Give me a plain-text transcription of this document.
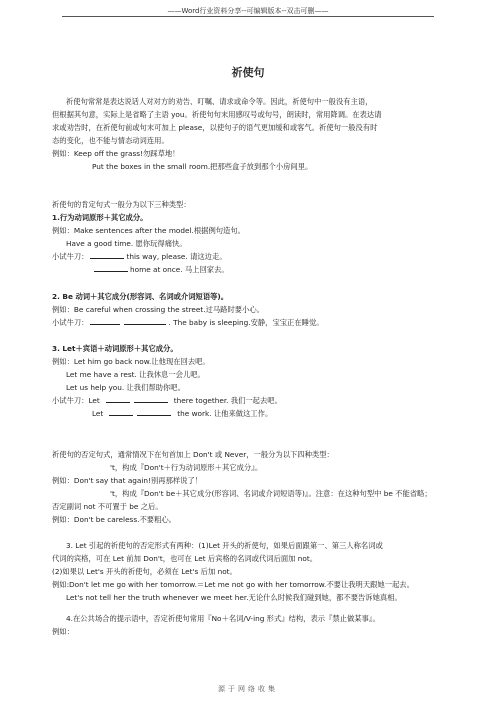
——Word行业资料分享--可编辑版本--双击可删——
祈使句
祈使句常常是表达说话人对对方的劝告、叮嘱、请求或命令等。因此，祈使句中一般没有主语，
但根据其句意，实际上是省略了主语 you。祈使句句末用感叹号或句号，朗读时，常用降调。在表达请
求或劝告时，在祈使句前或句末可加上 please，以使句子的语气更加缓和或客气。祈使句一般没有时
态的变化，也不能与情态动词连用。
例如：Keep off the grass!勿踩草地！
Put the boxes in the small room.把那些盒子放到那个小房间里。
祈使句的肯定句式一般分为以下三种类型：
1.行为动词原形＋其它成分。
例如：Make sentences after the model.根据例句造句。
Have a good time. 愿你玩得痛快。
小试牛刀：	this way, please. 请这边走。
home at once. 马上回家去。
2. Be 动词＋其它成分(形容词、名词或介词短语等)。
例如：Be careful when crossing the street.过马路时要小心。
小试牛刀：	. The baby is sleeping.安静，宝宝正在睡觉。
3. Let＋宾语＋动词原形＋其它成分。
例如：Let him go back now.让他现在回去吧。
Let me have a rest. 让我休息一会儿吧。
Let us help you. 让我们帮助你吧。
小试牛刀：Let	there together. 我们一起去吧。
Let	the work. 让他来做这工作。
祈使句的否定句式，通常情况下在句首加上 Don't 或 Never，一般分为以下四种类型：
't，构成『Don't＋行为动词原形＋其它成分』。
例如：Don't say that again!别再那样说了！
't，构成『Don't be＋其它成分(形容词、名词或介词短语等)』。注意：在这种句型中 be 不能省略；
否定副词 not 不可置于 be 之后。
例如：Don't be careless.不要粗心。
3. Let 引起的祈使句的否定形式有两种：(1)Let 开头的祈使句，如果后面跟第一、第三人称名词或
代词的宾格，可在 Let 前加 Don't，也可在 Let 后宾格的名词或代词后面加 not。
(2)如果以 Let's 开头的祈使句，必须在 Let's 后加 not。
例如:Don't let me go with her tomorrow.＝Let me not go with her tomorrow.不要让我明天跟她一起去。
Let's not tell her the truth whenever we meet her.无论什么时候我们碰到她，都不要告诉她真相。
4.在公共场合的提示语中，否定祈使句常用『No＋名词/V-ing 形式』结构，表示『禁止做某事』。
例如：
源于网络收集
